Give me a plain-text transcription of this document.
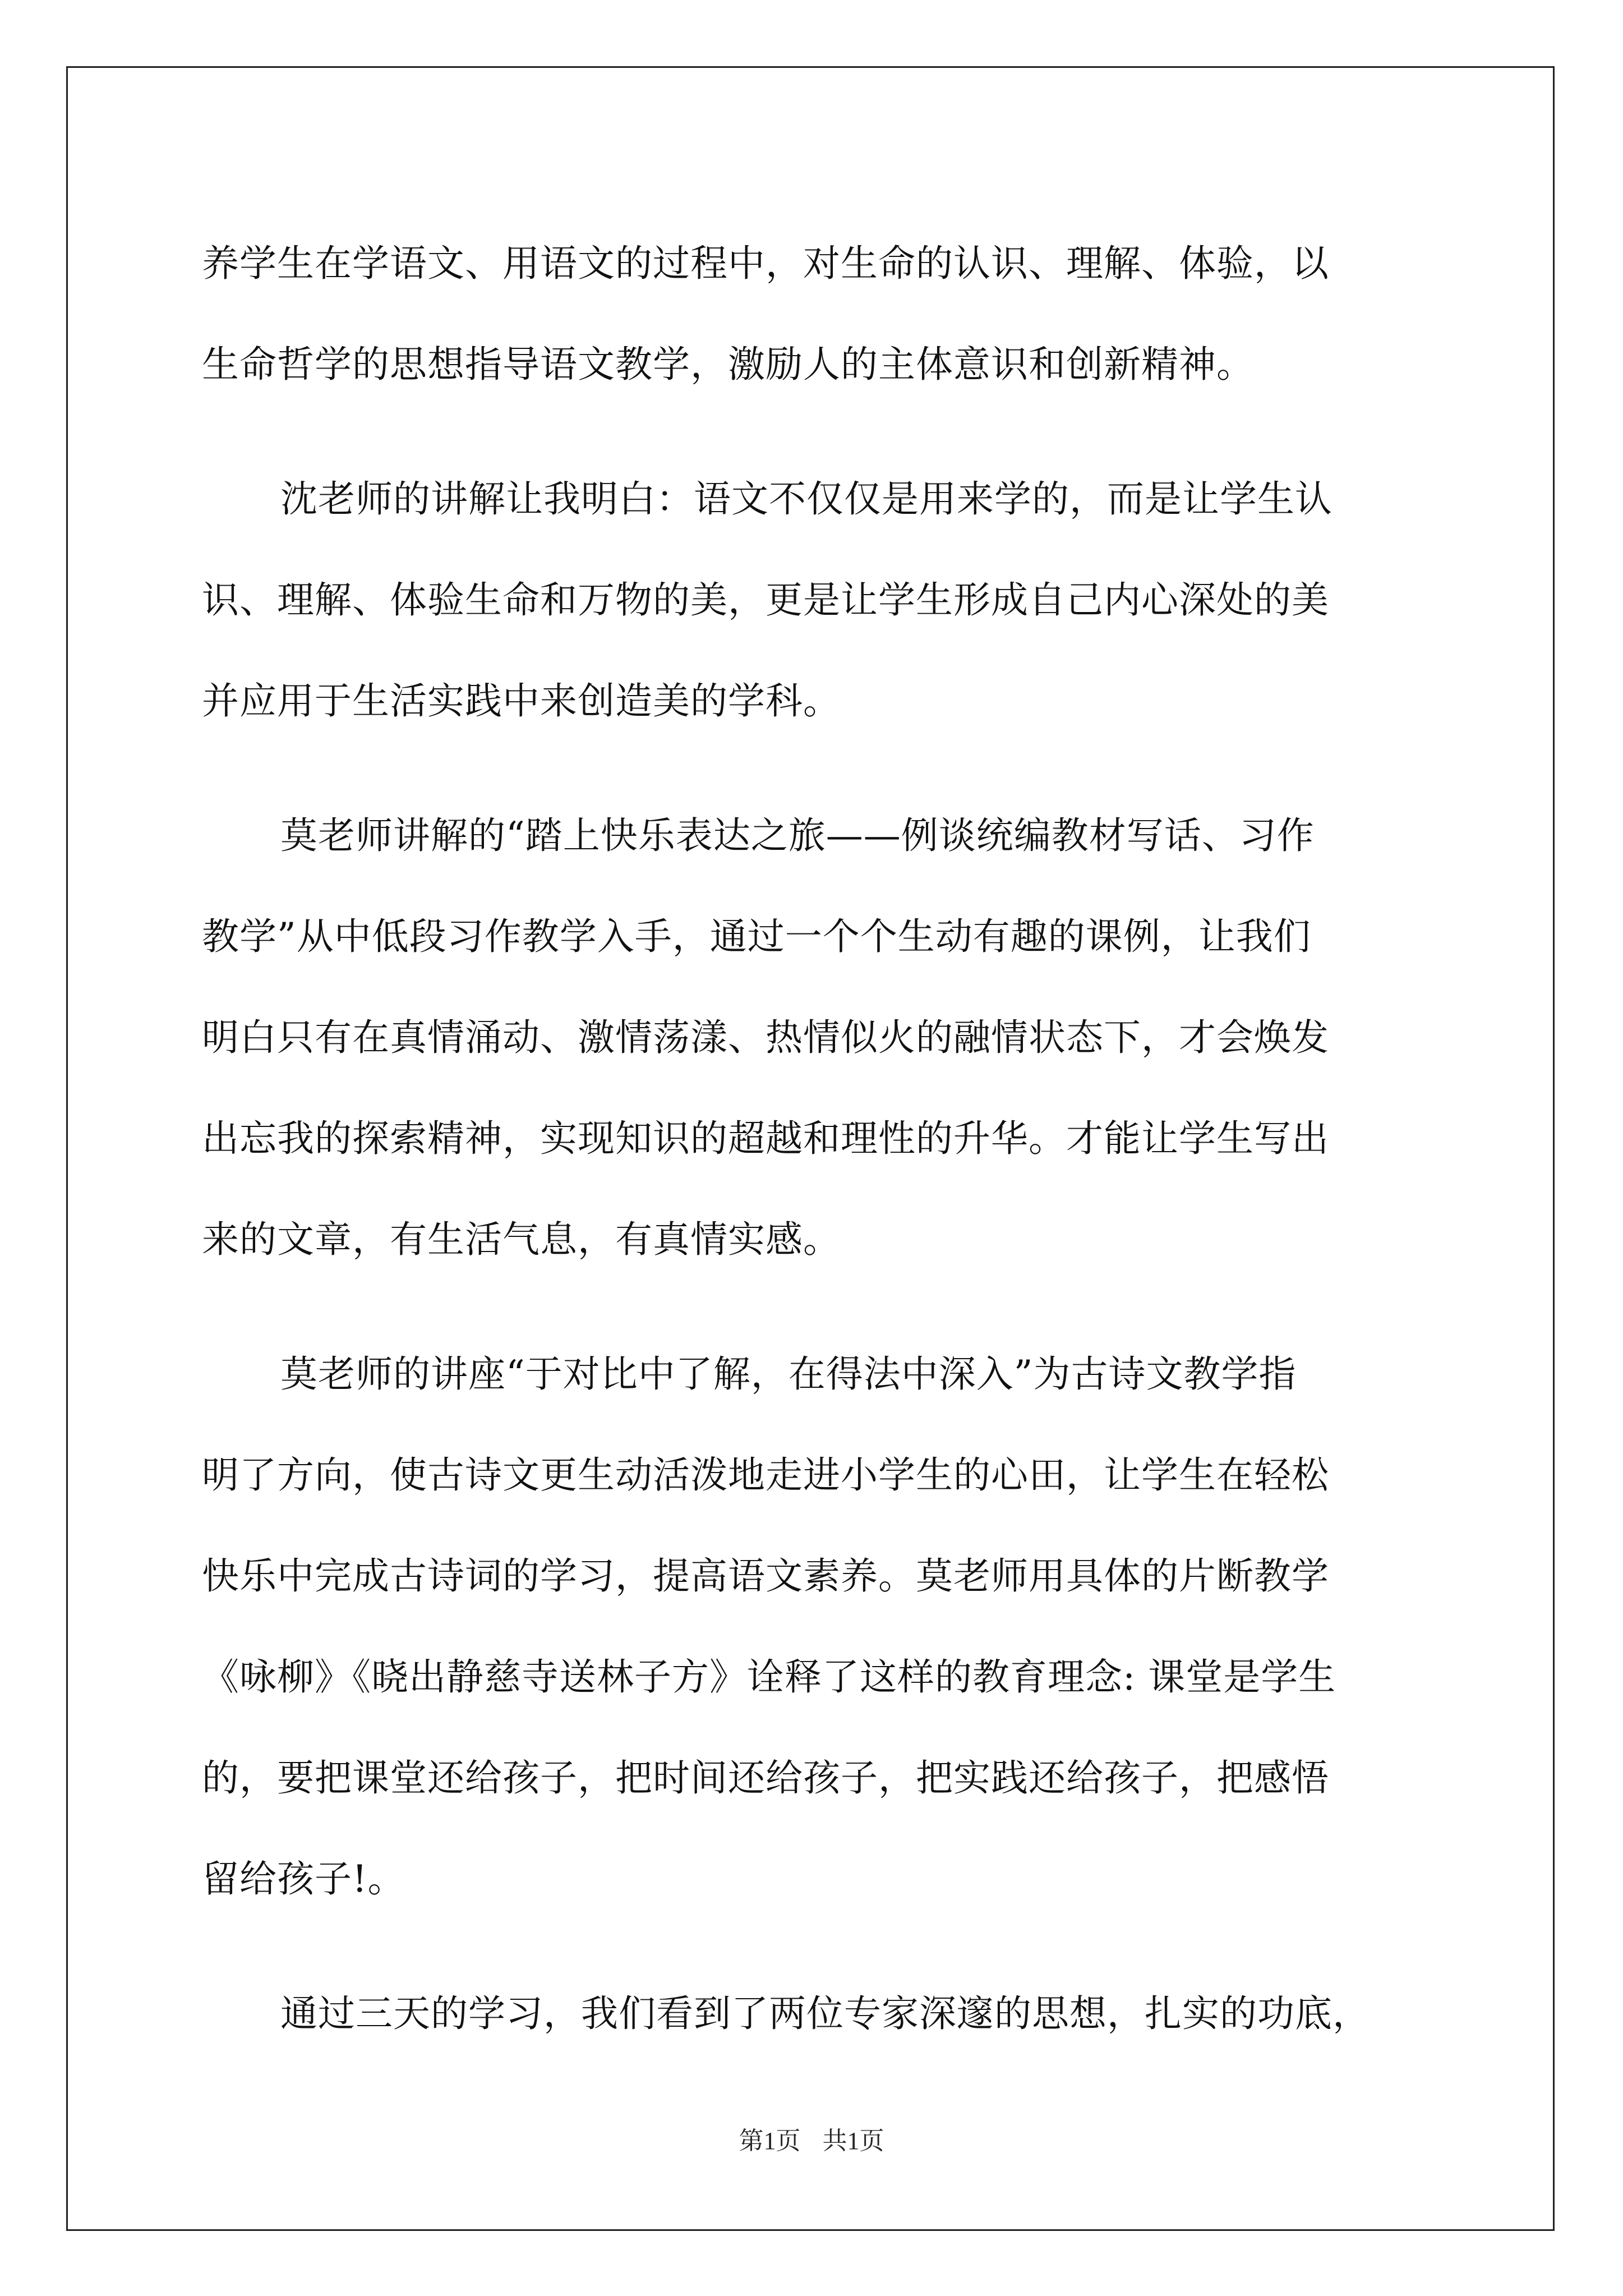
养学生在学语文、用语文的过程中，对生命的认识、理解、体验，以
生命哲学的思想指导语文教学，激励人的主体意识和创新精神。
沈老师的讲解让我明白：语文不仅仅是用来学的，而是让学生认
识、理解、体验生命和万物的美，更是让学生形成自己内心深处的美
并应用于生活实践中来创造美的学科。
莫老师讲解的“踏上快乐表达之旅——例谈统编教材写话、习作
教学”从中低段习作教学入手，通过一个个生动有趣的课例，让我们
明白只有在真情涌动、激情荡漾、热情似火的融情状态下，才会焕发
出忘我的探索精神，实现知识的超越和理性的升华。才能让学生写出
来的文章，有生活气息，有真情实感。
莫老师的讲座“于对比中了解，在得法中深入”为古诗文教学指
明了方向，使古诗文更生动活泼地走进小学生的心田，让学生在轻松
快乐中完成古诗词的学习，提高语文素养。莫老师用具体的片断教学
《咏柳》《晓出静慈寺送林子方》诠释了这样的教育理念: 课堂是学生
的，要把课堂还给孩子，把时间还给孩子，把实践还给孩子，把感悟
留给孩子!。
通过三天的学习，我们看到了两位专家深邃的思想，扎实的功底，
第1页 共1页
